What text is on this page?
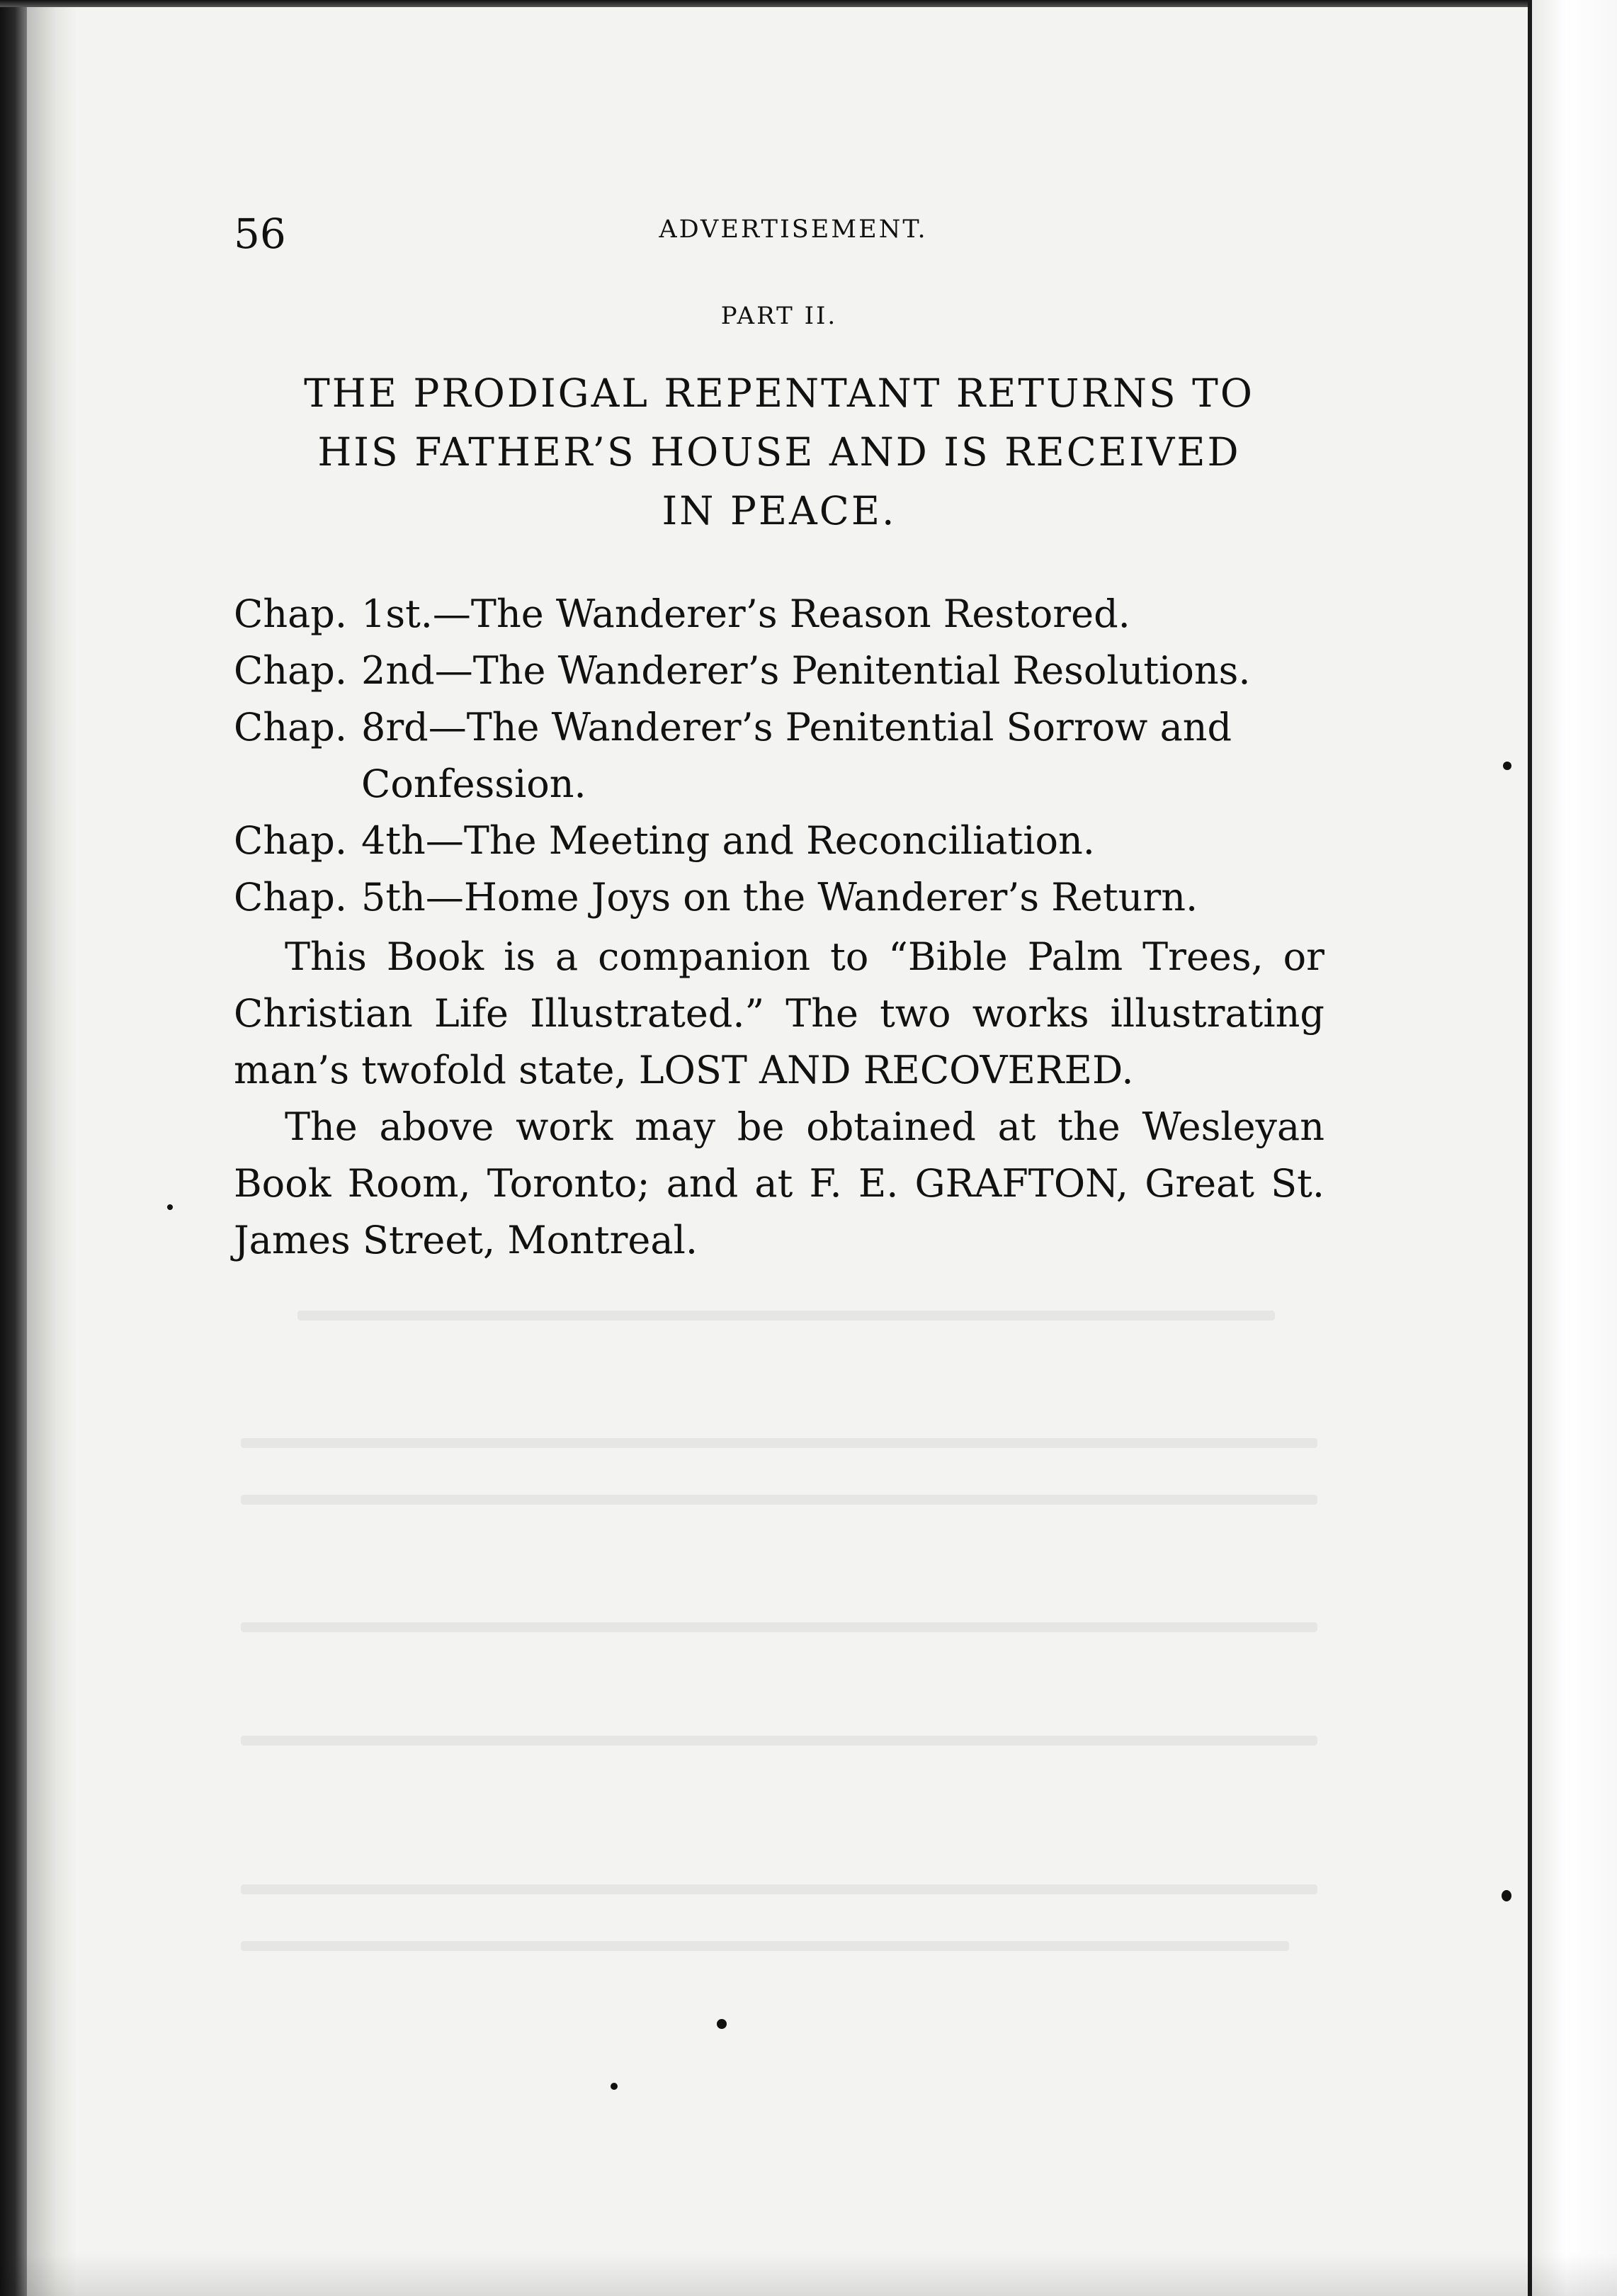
56	ADVERTISEMENT.
PART II.
THE PRODIGAL REPENTANT RETURNS TO
HIS FATHER’S HOUSE AND IS RECEIVED
IN PEACE.
Chap. 1st.—The Wanderer’s Reason Restored.
Chap. 2nd—The Wanderer’s Penitential Resolutions.
Chap. 8rd—The Wanderer’s Penitential Sorrow and
Confession.
Chap. 4th—The Meeting and Reconciliation.
Chap. 5th—Home Joys on the Wanderer’s Return.

This Book is a companion to “Bible Palm Trees, or Christian Life Illustrated.” The two works illustrating man’s twofold state, LOST AND RECOVERED.

The above work may be obtained at the Wesleyan Book Room, Toronto; and at F. E. GRAFTON, Great St. James Street, Montreal.
